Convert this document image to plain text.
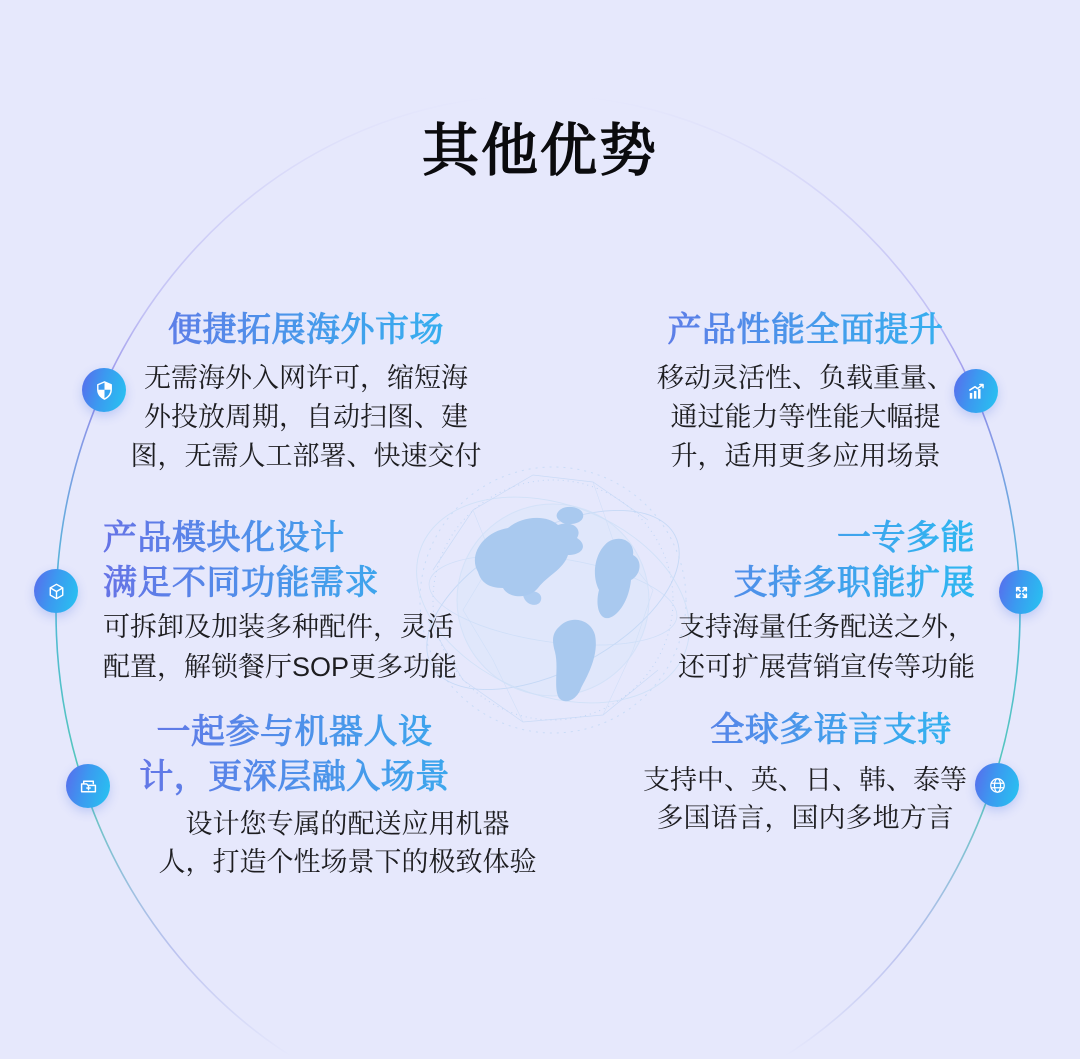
其他优势
便捷拓展海外市场

无需海外入网许可，缩短海
外投放周期，自动扫图、建
图，无需人工部署、快速交付

产品性能全面提升

移动灵活性、负载重量、
通过能力等性能大幅提
升，适用更多应用场景

产品模块化设计
满足不同功能需求

可拆卸及加装多种配件，灵活
配置，解锁餐厅SOP更多功能

一专多能
支持多职能扩展

支持海量任务配送之外，
还可扩展营销宣传等功能

一起参与机器人设
计，更深层融入场景

设计您专属的配送应用机器
人，打造个性场景下的极致体验

全球多语言支持

支持中、英、日、韩、泰等
多国语言，国内多地方言
